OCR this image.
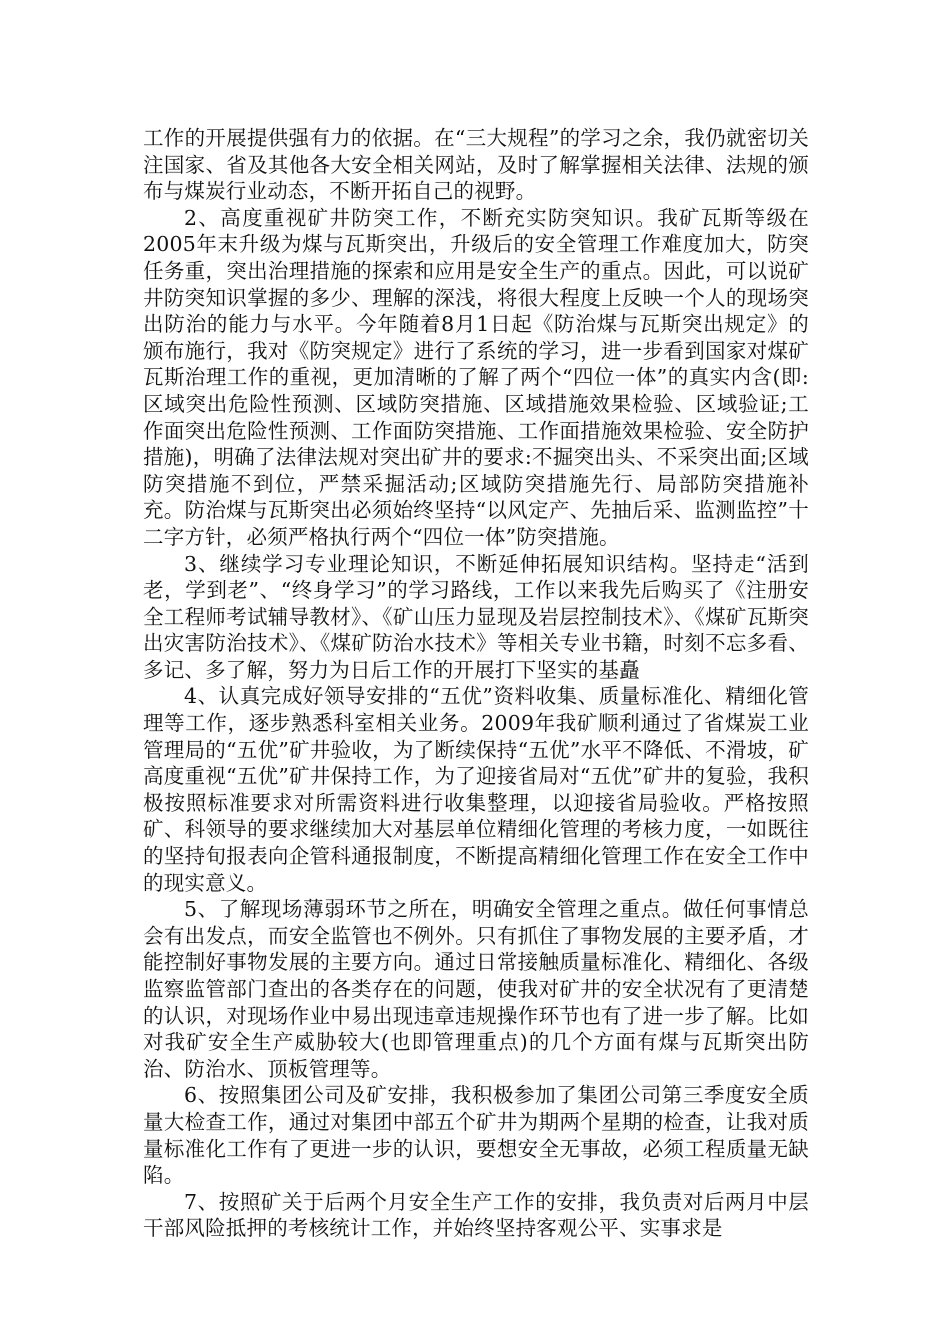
工作的开展提供强有力的依据。在“三大规程”的学习之余，我仍就密切关注国家、省及其他各大安全相关网站，及时了解掌握相关法律、法规的颁布与煤炭行业动态，不断开拓自己的视野。

2、高度重视矿井防突工作，不断充实防突知识。我矿瓦斯等级在2005年末升级为煤与瓦斯突出，升级后的安全管理工作难度加大，防突任务重，突出治理措施的探索和应用是安全生产的重点。因此，可以说矿井防突知识掌握的多少、理解的深浅，将很大程度上反映一个人的现场突出防治的能力与水平。今年随着8月1日起《防治煤与瓦斯突出规定》的颁布施行，我对《防突规定》进行了系统的学习，进一步看到国家对煤矿瓦斯治理工作的重视，更加清晰的了解了两个“四位一体”的真实内含(即:区域突出危险性预测、区域防突措施、区域措施效果检验、区域验证;工作面突出危险性预测、工作面防突措施、工作面措施效果检验、安全防护措施)，明确了法律法规对突出矿井的要求:不掘突出头、不采突出面;区域防突措施不到位，严禁采掘活动;区域防突措施先行、局部防突措施补充。防治煤与瓦斯突出必须始终坚持“以风定产、先抽后采、监测监控”十二字方针，必须严格执行两个“四位一体”防突措施。

3、继续学习专业理论知识，不断延伸拓展知识结构。坚持走“活到老，学到老”、“终身学习”的学习路线，工作以来我先后购买了《注册安全工程师考试辅导教材》、《矿山压力显现及岩层控制技术》、《煤矿瓦斯突出灾害防治技术》、《煤矿防治水技术》等相关专业书籍，时刻不忘多看、多记、多了解，努力为日后工作的开展打下坚实的基矗

4、认真完成好领导安排的“五优”资料收集、质量标准化、精细化管理等工作，逐步熟悉科室相关业务。2009年我矿顺利通过了省煤炭工业管理局的“五优”矿井验收，为了断续保持“五优”水平不降低、不滑坡，矿高度重视“五优”矿井保持工作，为了迎接省局对“五优”矿井的复验，我积极按照标准要求对所需资料进行收集整理，以迎接省局验收。严格按照矿、科领导的要求继续加大对基层单位精细化管理的考核力度，一如既往的坚持旬报表向企管科通报制度，不断提高精细化管理工作在安全工作中的现实意义。

5、了解现场薄弱环节之所在，明确安全管理之重点。做任何事情总会有出发点，而安全监管也不例外。只有抓住了事物发展的主要矛盾，才能控制好事物发展的主要方向。通过日常接触质量标准化、精细化、各级监察监管部门查出的各类存在的问题，使我对矿井的安全状况有了更清楚的认识，对现场作业中易出现违章违规操作环节也有了进一步了解。比如对我矿安全生产威胁较大(也即管理重点)的几个方面有煤与瓦斯突出防治、防治水、顶板管理等。

6、按照集团公司及矿安排，我积极参加了集团公司第三季度安全质量大检查工作，通过对集团中部五个矿井为期两个星期的检查，让我对质量标准化工作有了更进一步的认识，要想安全无事故，必须工程质量无缺陷。

7、按照矿关于后两个月安全生产工作的安排，我负责对后两月中层干部风险抵押的考核统计工作，并始终坚持客观公平、实事求是
